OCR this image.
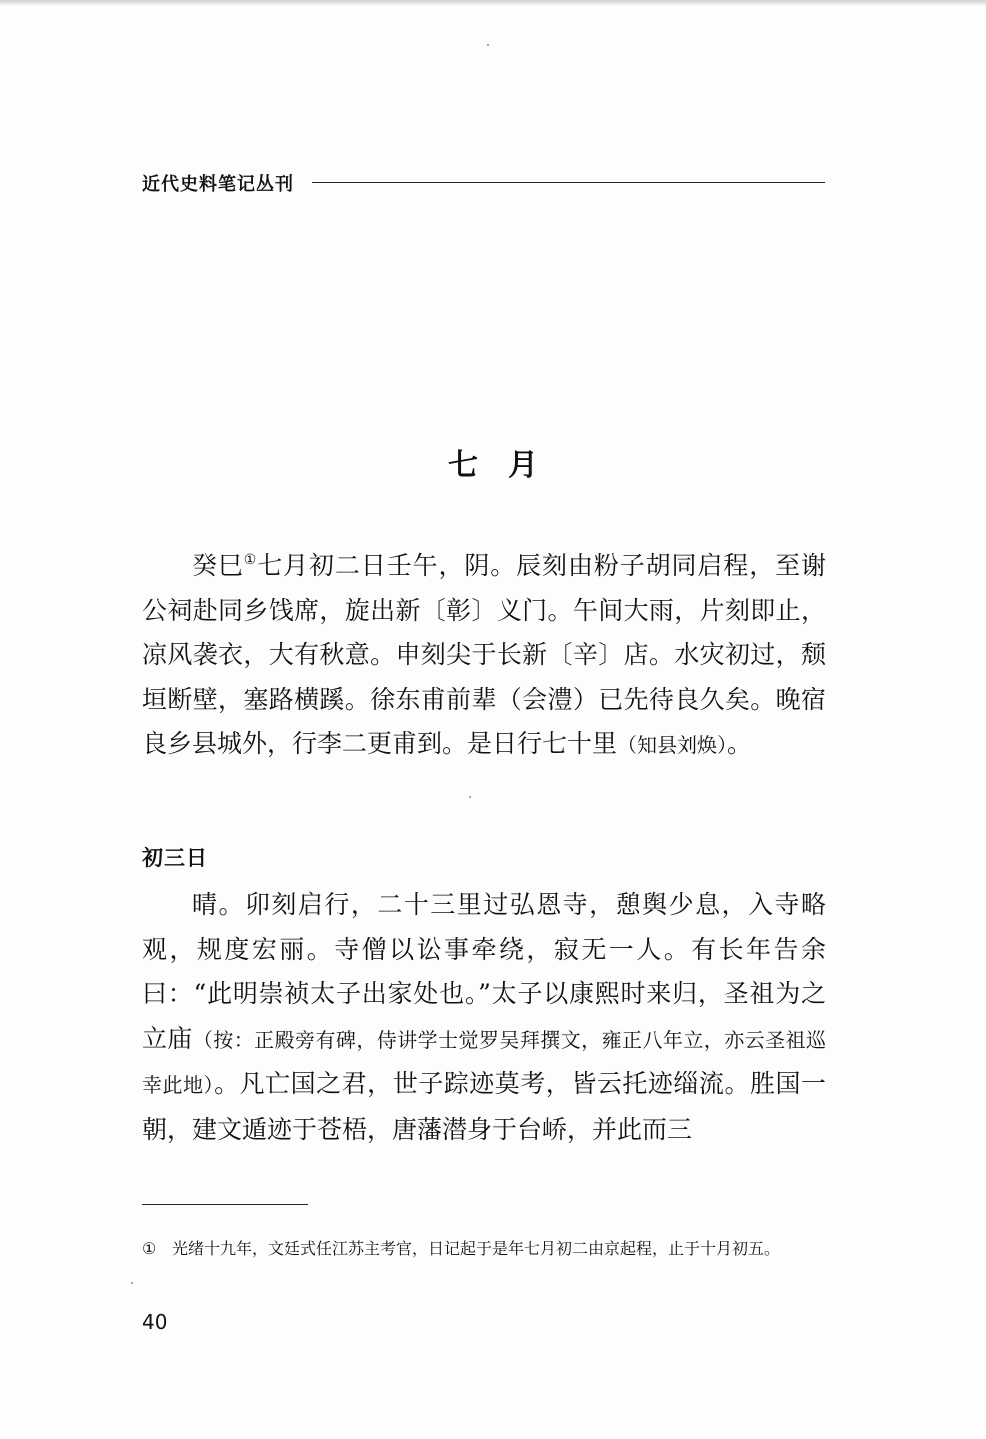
近代史料笔记丛刊
七月

癸巳①七月初二日壬午，阴。辰刻由粉子胡同启程，至谢公祠赴同乡饯席，旋出新〔彰〕义门。午间大雨，片刻即止，凉风袭衣，大有秋意。申刻尖于长新〔辛〕店。水灾初过，颓垣断壁，塞路横蹊。徐东甫前辈（会澧）已先待良久矣。晚宿良乡县城外，行李二更甫到。是日行七十里（知县刘焕）。

初三日

晴。卯刻启行，二十三里过弘恩寺，憩舆少息，入寺略观，规度宏丽。寺僧以讼事牵绕，寂无一人。有长年告余曰：“此明崇祯太子出家处也。”太子以康熙时来归，圣祖为之立庙（按：正殿旁有碑，侍讲学士觉罗吴拜撰文，雍正八年立，亦云圣祖巡幸此地）。凡亡国之君，世子踪迹莫考，皆云托迹缁流。胜国一朝，建文遁迹于苍梧，唐藩潜身于台峤，并此而三

① 光绪十九年，文廷式任江苏主考官，日记起于是年七月初二由京起程，止于十月初五。
40
